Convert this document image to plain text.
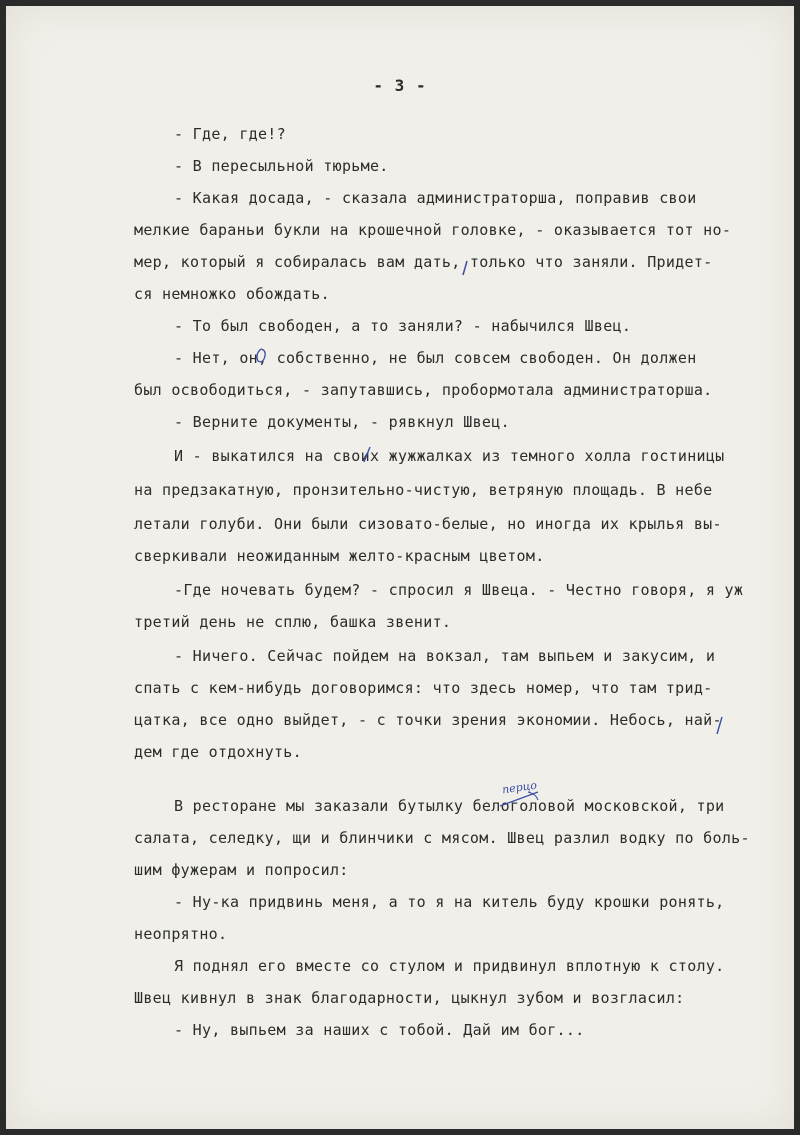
- 3 -
- Где, где!?
- В пересыльной тюрьме.
- Какая досада, - сказала администраторша, поправив свои
мелкие бараньи букли на крошечной головке, - оказывается тот но-
мер, который я собиралась вам дать, только что заняли. Придет-
ся немножко обождать.
- То был свободен, а то заняли? - набычился Швец.
- Нет, он, собственно, не был совсем свободен. Он должен
был освободиться, - запутавшись, пробормотала администраторша.
- Верните документы, - рявкнул Швец.
И - выкатился на своих жужжалках из темного холла гостиницы
на предзакатную, пронзительно-чистую, ветряную площадь. В небе
летали голуби. Они были сизовато-белые, но иногда их крылья вы-
сверкивали неожиданным желто-красным цветом.
-Где ночевать будем? - спросил я Швеца. - Честно говоря, я уж
третий день не сплю, башка звенит.
- Ничего. Сейчас пойдем на вокзал, там выпьем и закусим, и
спать с кем-нибудь договоримся: что здесь номер, что там трид-
цатка, все одно выйдет, - с точки зрения экономии. Небось, най-
дем где отдохнуть.
В ресторане мы заказали бутылку белоголовой московской, три
салата, селедку, щи и блинчики с мясом. Швец разлил водку по боль-
шим фужерам и попросил:
- Ну-ка придвинь меня, а то я на китель буду крошки ронять,
неопрятно.
Я поднял его вместе со стулом и придвинул вплотную к столу.
Швец кивнул в знак благодарности, цыкнул зубом и возгласил:
- Ну, выпьем за наших с тобой. Дай им бог...
перцо
